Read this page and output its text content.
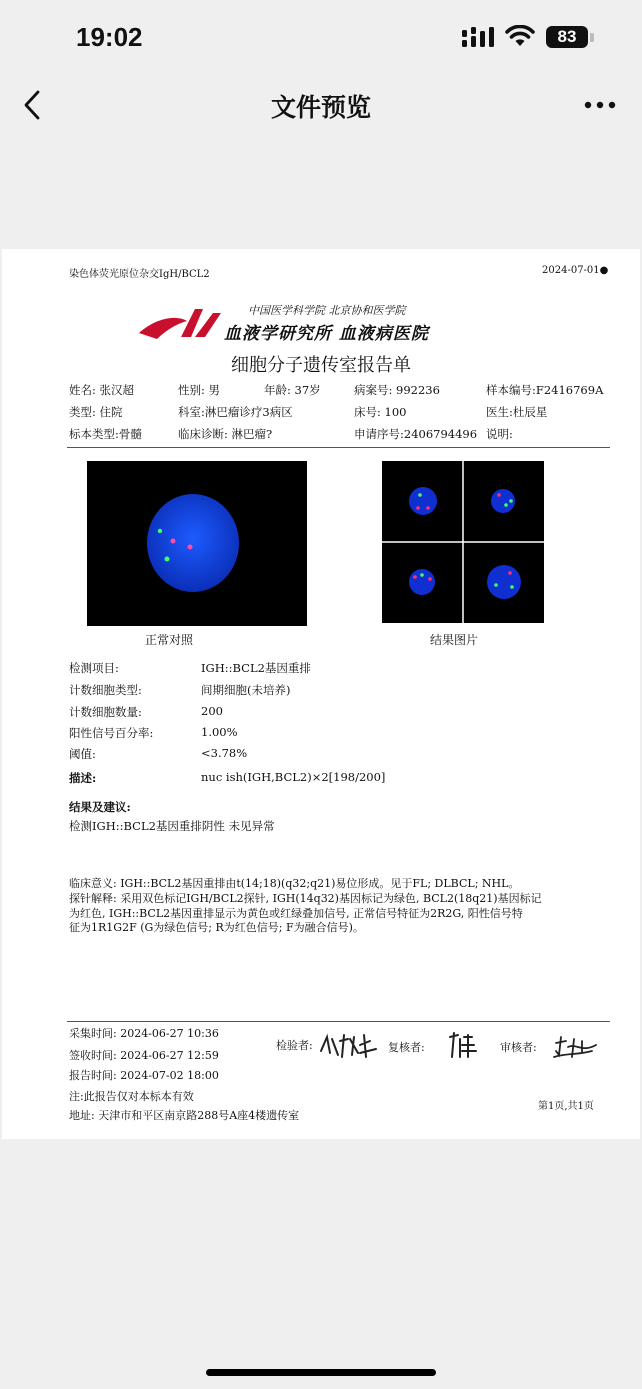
19:02	83
文件预览
染色体荧光原位杂交IgH/BCL2	2024-07-01●
中国医学科学院 北京协和医学院
血液学研究所 血液病医院
细胞分子遗传室报告单
姓名: 张汉超	性别: 男	年龄: 37岁	病案号: 992236	样本编号:F2416769A
类型: 住院	科室:淋巴瘤诊疗3病区	床号: 100	医生:杜辰星
标本类型:骨髓	临床诊断: 淋巴瘤?	申请序号:2406794496 说明:
正常对照	结果图片
检测项目:	IGH::BCL2基因重排
计数细胞类型:	间期细胞(未培养)
计数细胞数量:	200
阳性信号百分率:	1.00%
阈值:	<3.78%
描述:	nuc ish(IGH,BCL2)×2[198/200]
结果及建议:
检测IGH::BCL2基因重排阴性 未见异常
临床意义: IGH::BCL2基因重排由t(14;18)(q32;q21)易位形成。见于FL; DLBCL; NHL。
探针解释: 采用双色标记IGH/BCL2探针, IGH(14q32)基因标记为绿色, BCL2(18q21)基因标记
为红色, IGH::BCL2基因重排显示为黄色或红绿叠加信号, 正常信号特征为2R2G, 阳性信号特
征为1R1G2F (G为绿色信号; R为红色信号; F为融合信号)。
采集时间: 2024-06-27 10:36
签收时间: 2024-06-27 12:59
报告时间: 2024-07-02 18:00
检验者:	复核者:	审核者:
注:此报告仅对本标本有效
地址: 天津市和平区南京路288号A座4楼遗传室
第1页,共1页
